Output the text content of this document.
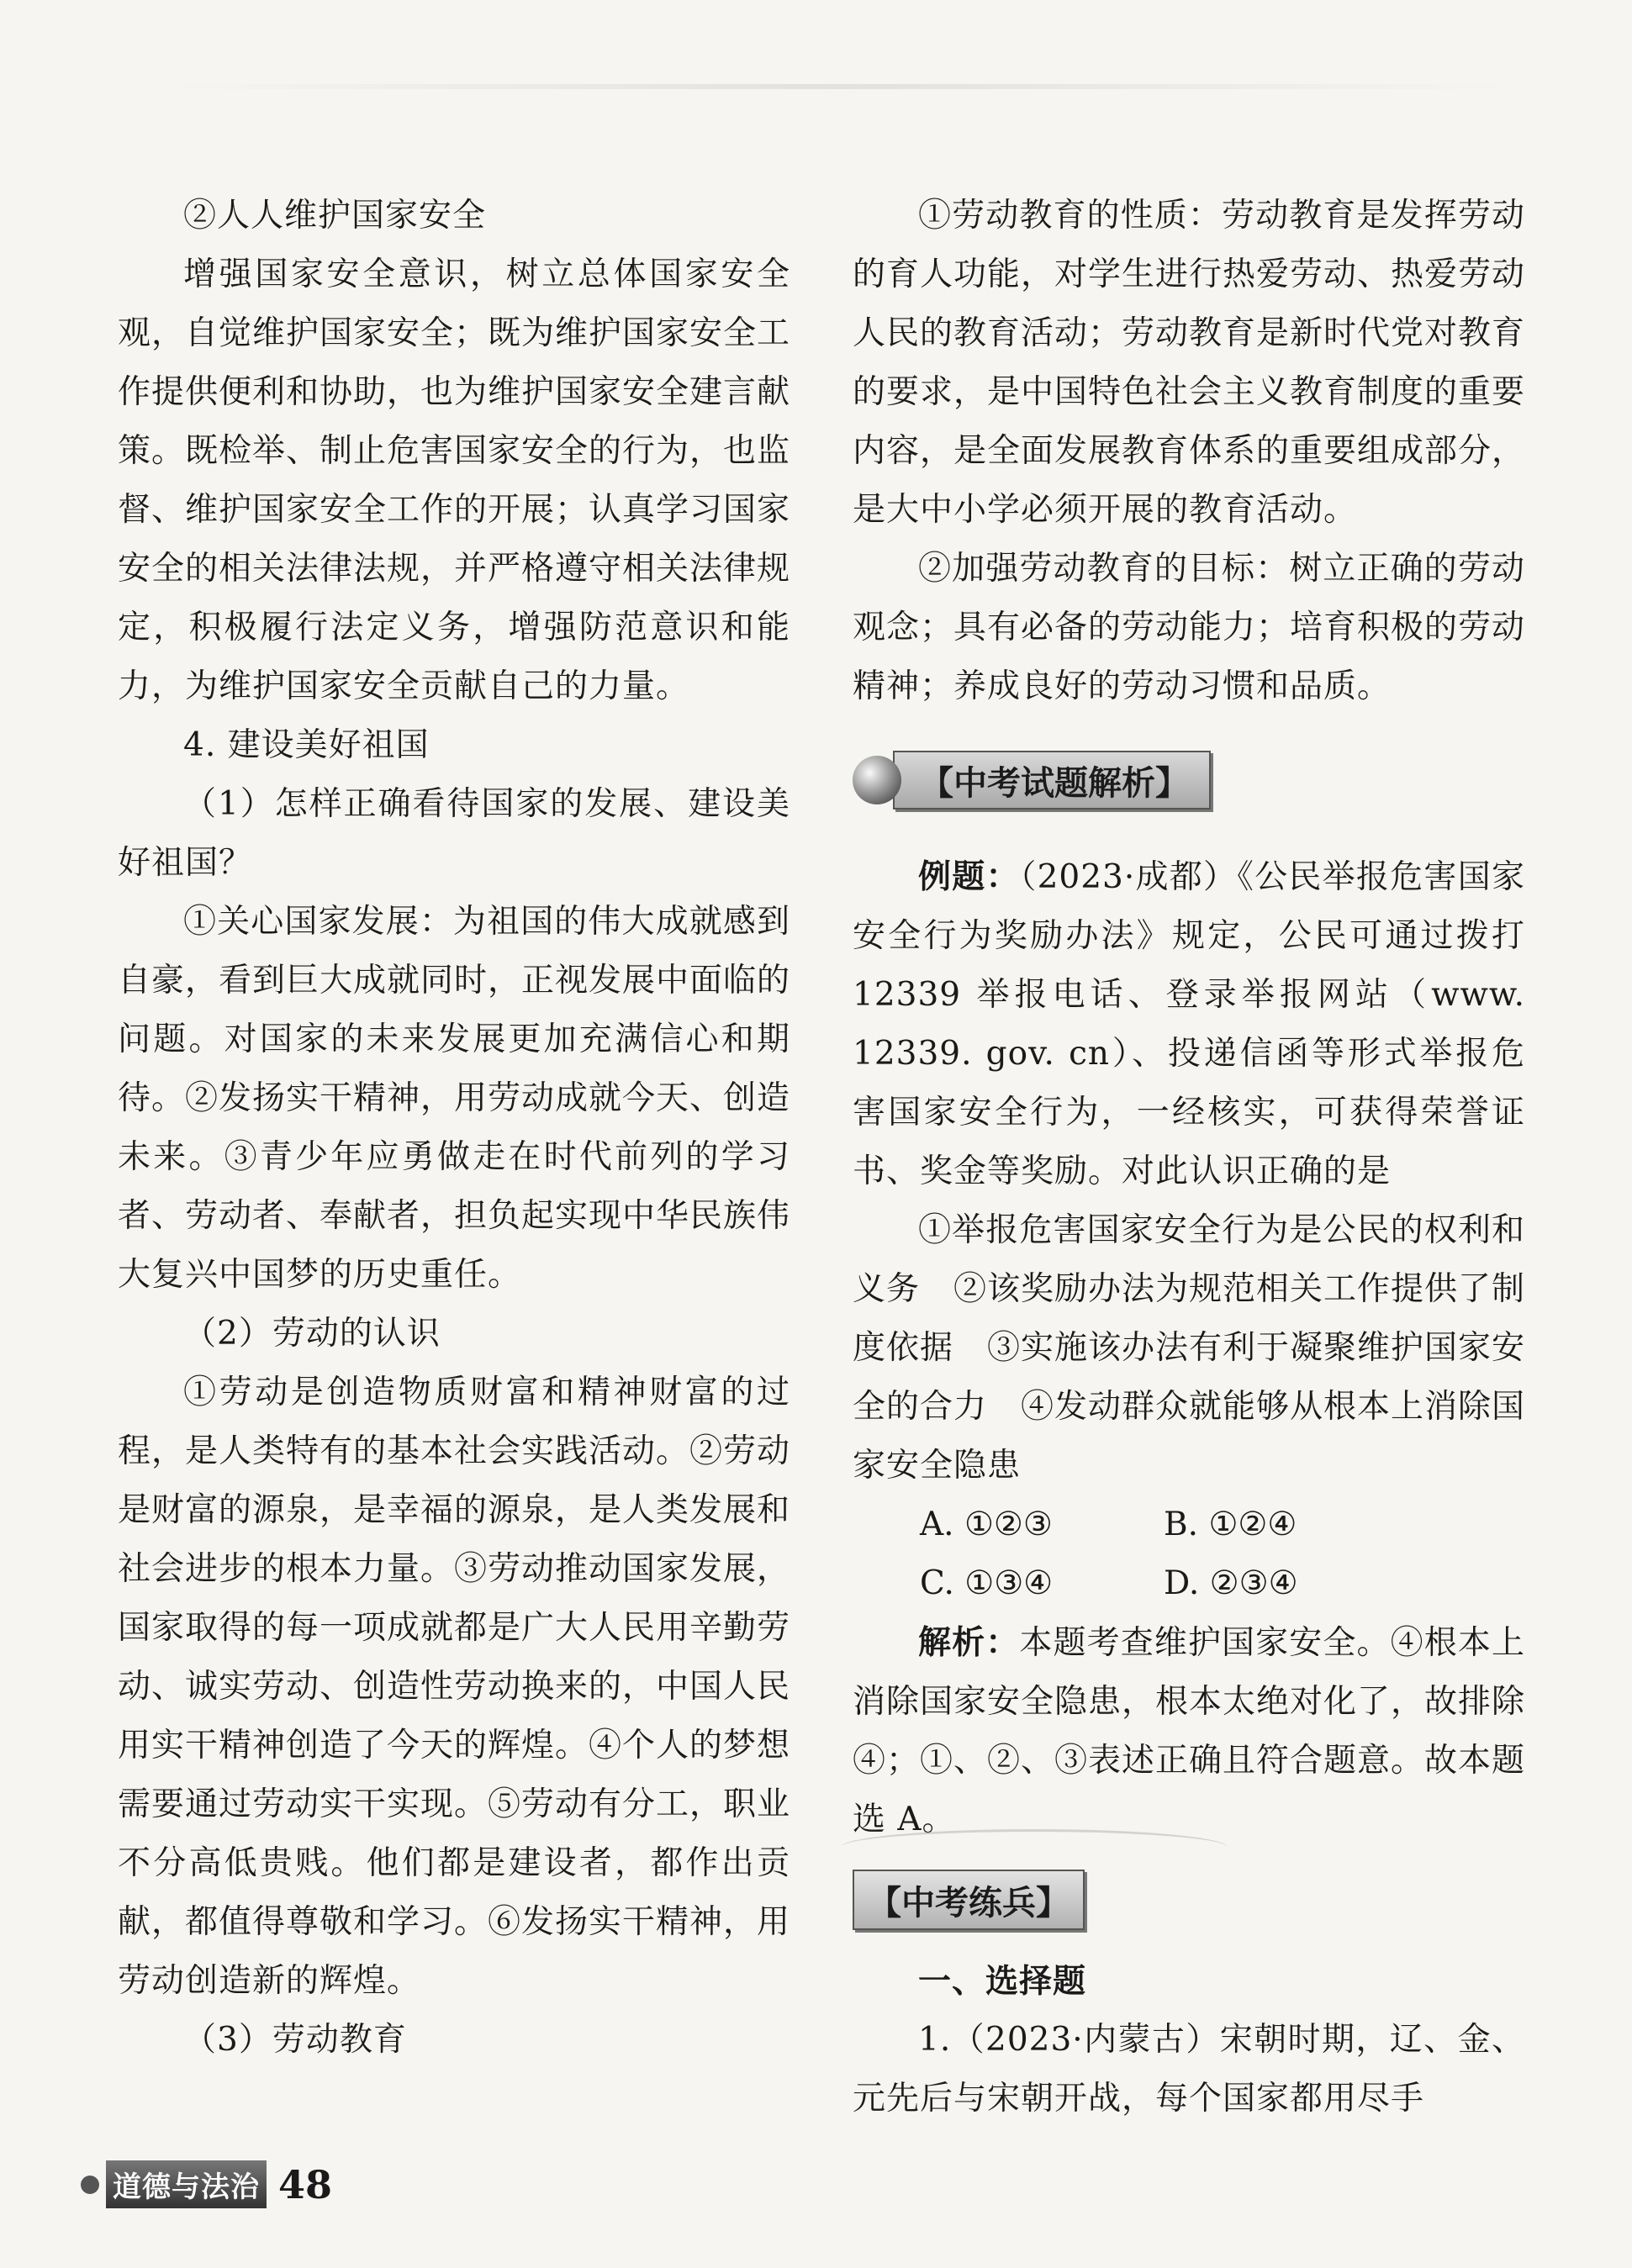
②人人维护国家安全

增强国家安全意识，树立总体国家安全观，自觉维护国家安全；既为维护国家安全工作提供便利和协助，也为维护国家安全建言献策。既检举、制止危害国家安全的行为，也监督、维护国家安全工作的开展；认真学习国家安全的相关法律法规，并严格遵守相关法律规定，积极履行法定义务，增强防范意识和能力，为维护国家安全贡献自己的力量。

4. 建设美好祖国

（1）怎样正确看待国家的发展、建设美好祖国？

①关心国家发展：为祖国的伟大成就感到自豪，看到巨大成就同时，正视发展中面临的问题。对国家的未来发展更加充满信心和期待。②发扬实干精神，用劳动成就今天、创造未来。③青少年应勇做走在时代前列的学习者、劳动者、奉献者，担负起实现中华民族伟大复兴中国梦的历史重任。

（2）劳动的认识

①劳动是创造物质财富和精神财富的过程，是人类特有的基本社会实践活动。②劳动是财富的源泉，是幸福的源泉，是人类发展和社会进步的根本力量。③劳动推动国家发展，国家取得的每一项成就都是广大人民用辛勤劳动、诚实劳动、创造性劳动换来的，中国人民用实干精神创造了今天的辉煌。④个人的梦想需要通过劳动实干实现。⑤劳动有分工，职业不分高低贵贱。他们都是建设者，都作出贡献，都值得尊敬和学习。⑥发扬实干精神，用劳动创造新的辉煌。

（3）劳动教育

①劳动教育的性质：劳动教育是发挥劳动的育人功能，对学生进行热爱劳动、热爱劳动人民的教育活动；劳动教育是新时代党对教育的要求，是中国特色社会主义教育制度的重要内容，是全面发展教育体系的重要组成部分，是大中小学必须开展的教育活动。

②加强劳动教育的目标：树立正确的劳动观念；具有必备的劳动能力；培育积极的劳动精神；养成良好的劳动习惯和品质。

【中考试题解析】

例题：（2023·成都）《公民举报危害国家安全行为奖励办法》规定，公民可通过拨打 12339 举报电话、登录举报网站（www. 12339. gov. cn）、投递信函等形式举报危害国家安全行为，一经核实，可获得荣誉证书、奖金等奖励。对此认识正确的是

①举报危害国家安全行为是公民的权利和义务　②该奖励办法为规范相关工作提供了制度依据　③实施该办法有利于凝聚维护国家安全的合力　④发动群众就能够从根本上消除国家安全隐患

A. ①②③	B. ①②④
C. ①③④	D. ②③④

解析：本题考查维护国家安全。④根本上消除国家安全隐患，根本太绝对化了，故排除④；①、②、③表述正确且符合题意。故本题选 A。

【中考练兵】

一、选择题

1.（2023·内蒙古）宋朝时期，辽、金、元先后与宋朝开战，每个国家都用尽手

道德与法治 48
